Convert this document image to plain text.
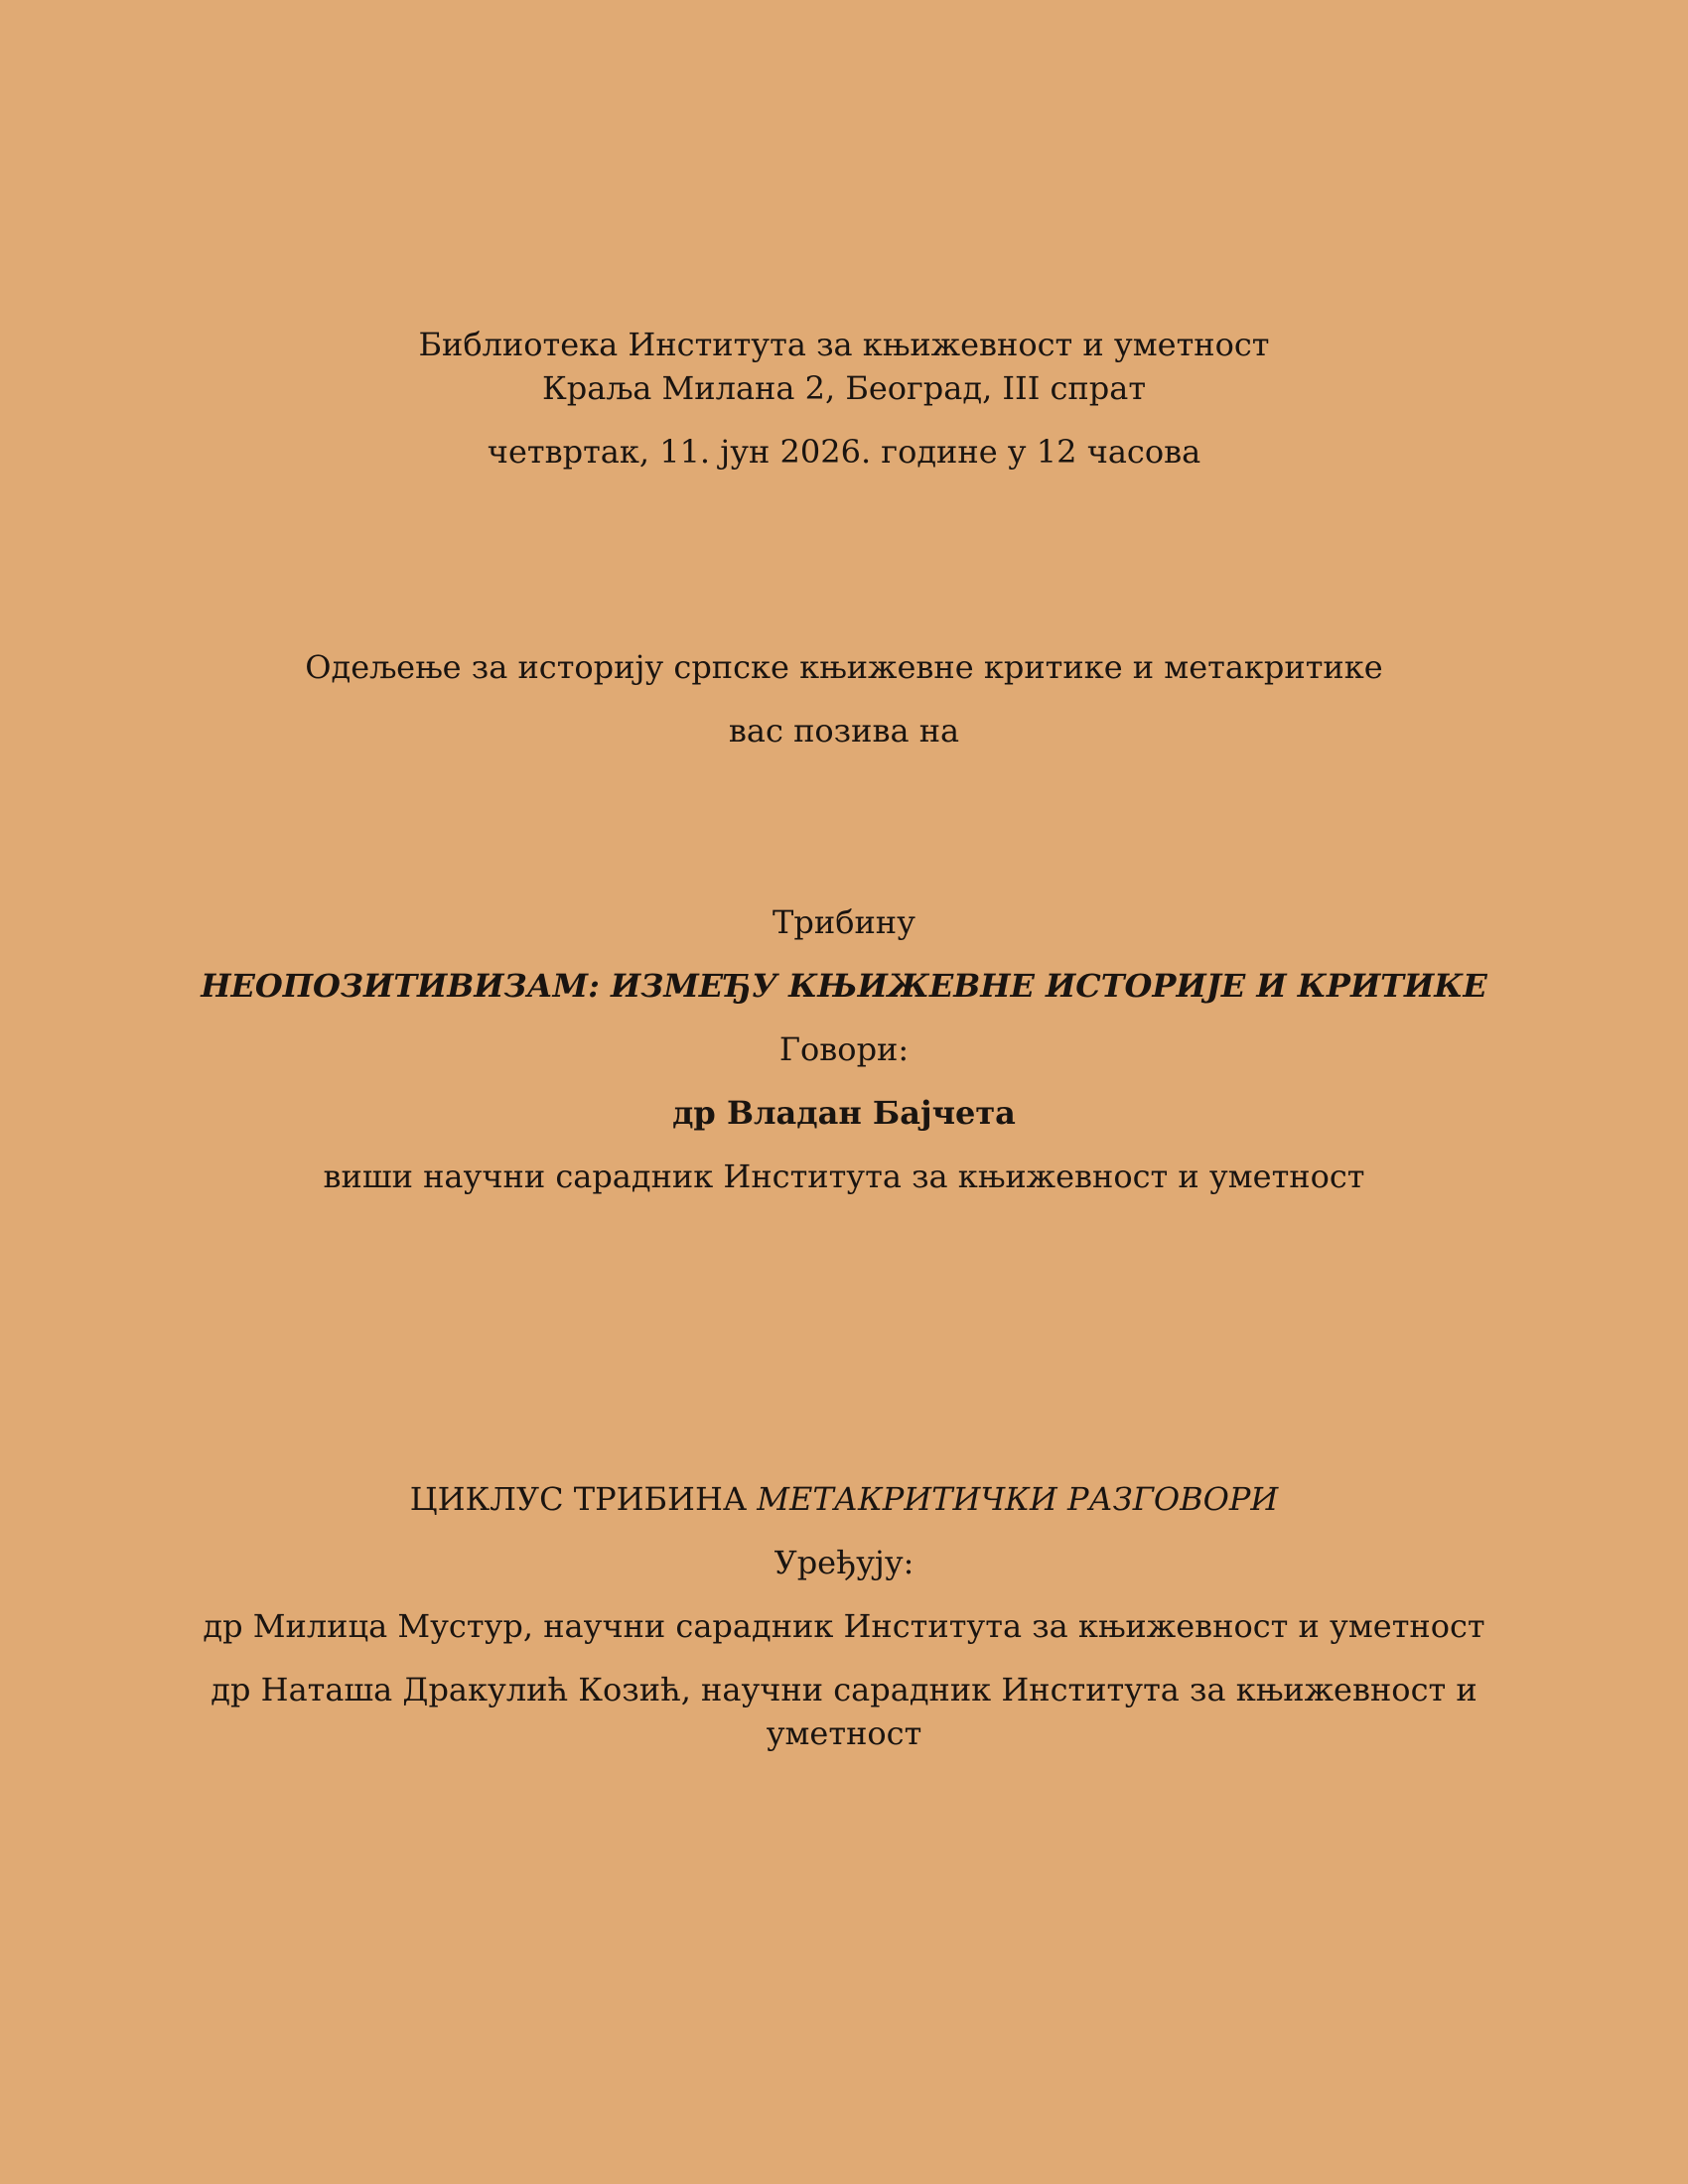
Библиотека Института за књижевност и уметност
Краља Милана 2, Београд, III спрат
четвртак, 11. јун 2026. године у 12 часова
Одељење за историју српске књижевне критике и метакритике
вас позива на
Трибину
НЕОПОЗИТИВИЗАМ: ИЗМЕЂУ КЊИЖЕВНЕ ИСТОРИЈЕ И КРИТИКЕ
Говори:
др Владан Бајчета
виши научни сарадник Института за књижевност и уметност
ЦИКЛУС ТРИБИНА МЕТАКРИТИЧКИ РАЗГОВОРИ
Уређују:
др Милица Мустур, научни сарадник Института за књижевност и уметност
др Наташа Дракулић Козић, научни сарадник Института за књижевност и уметност
